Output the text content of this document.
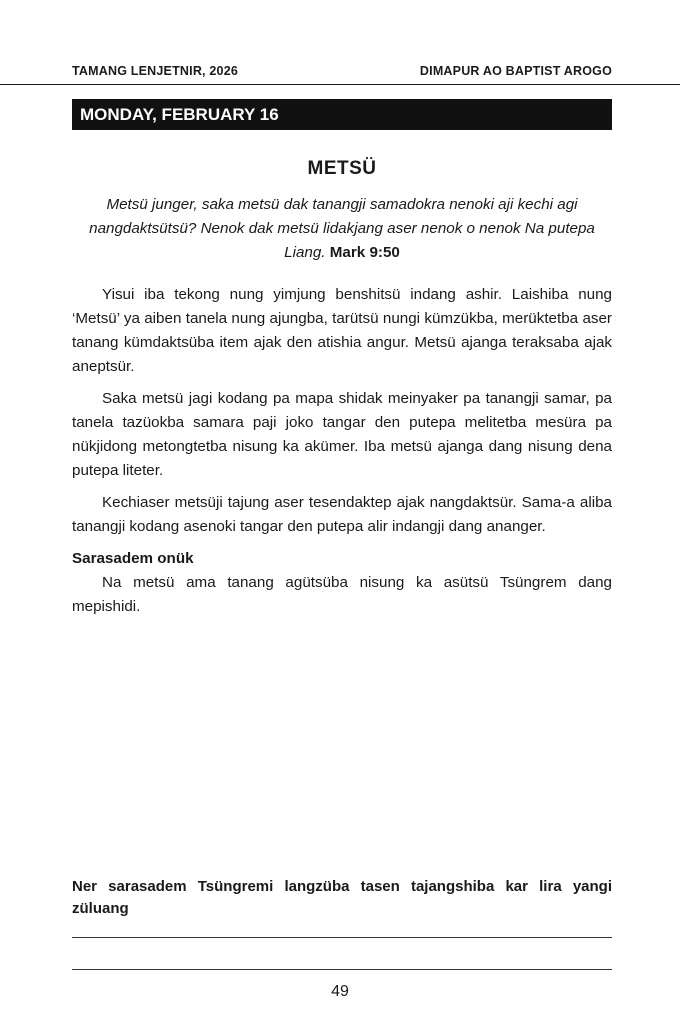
TAMANG LENJETNIR, 2026	DIMAPUR AO BAPTIST AROGO
MONDAY, FEBRUARY 16
METSÜ
Metsü junger, saka metsü dak tanangji samadokra nenoki aji kechi agi nangdaktsütsü? Nenok dak metsü lidakjang aser nenok o nenok Na putepa Liang. Mark 9:50

Yisui iba tekong nung yimjung benshitsü indang ashir. Laishiba nung ‘Metsü’ ya aiben tanela nung ajungba, tarütsü nungi kümzükba, merüktetba aser tanang kümdaktsüba item ajak den atishia angur. Metsü ajanga teraksaba ajak aneptsür.

Saka metsü jagi kodang pa mapa shidak meinyaker pa tanangji samar, pa tanela tazüokba samara paji joko tangar den putepa melitetba mesüra pa nükjidong metongtetba nisung ka akümer. Iba metsü ajanga dang nisung dena putepa liteter.

Kechiaser metsüji tajung aser tesendaktep ajak nangdaktsür. Sama-a aliba tanangji kodang asenoki tangar den putepa alir indangji dang ananger.

Sarasadem onük

Na metsü ama tanang agütsüba nisung ka asütsü Tsüngrem dang mepishidi.

Ner sarasadem Tsüngremi langzüba tasen tajangshiba kar lira yangi züluang
49
